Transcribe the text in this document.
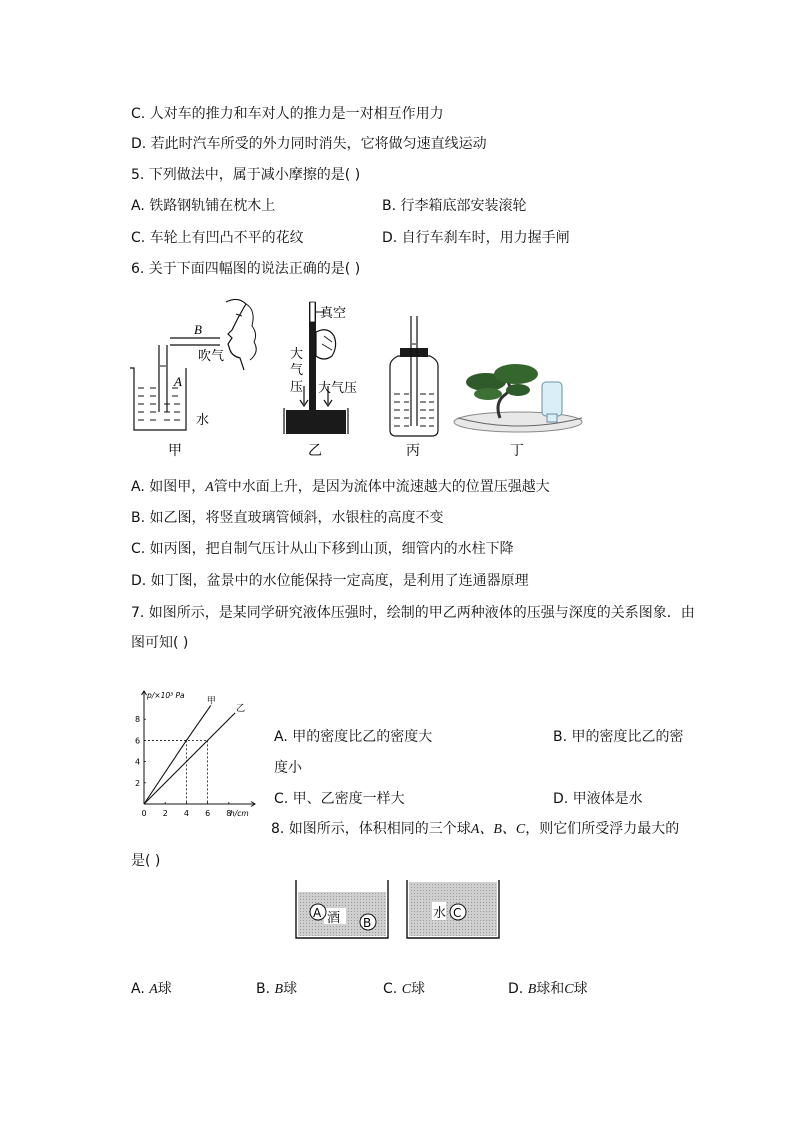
C. 人对车的推力和车对人的推力是一对相互作用力
D. 若此时汽车所受的外力同时消失，它将做匀速直线运动
5. 下列做法中，属于减小摩擦的是( )
A. 铁路钢轨铺在枕木上	B. 行李箱底部安装滚轮
C. 车轮上有凹凸不平的花纹	D. 自行车刹车时，用力握手闸
6. 关于下面四幅图的说法正确的是( )
B
吹气
A
水
甲
真空
大
气
压 大气压
乙	丙	丁
A. 如图甲，A管中水面上升，是因为流体中流速越大的位置压强越大
B. 如乙图，将竖直玻璃管倾斜，水银柱的高度不变
C. 如丙图，把自制气压计从山下移到山顶，细管内的水柱下降
D. 如丁图，盆景中的水位能保持一定高度，是利用了连通器原理
7. 如图所示，是某同学研究液体压强时，绘制的甲乙两种液体的压强与深度的关系图象．由
图可知( )
p/×10³ Pa
h/cm
0 2 4 6 8
2
4
6
8
甲
乙
A. 甲的密度比乙的密度大	B. 甲的密度比乙的密
度小
C. 甲、乙密度一样大	D. 甲液体是水
8. 如图所示，体积相同的三个球A、B、C，则它们所受浮力最大的
是( )
A
B
酒	水 C
A. A球	B. B球	C. C球	D. B球和C球
